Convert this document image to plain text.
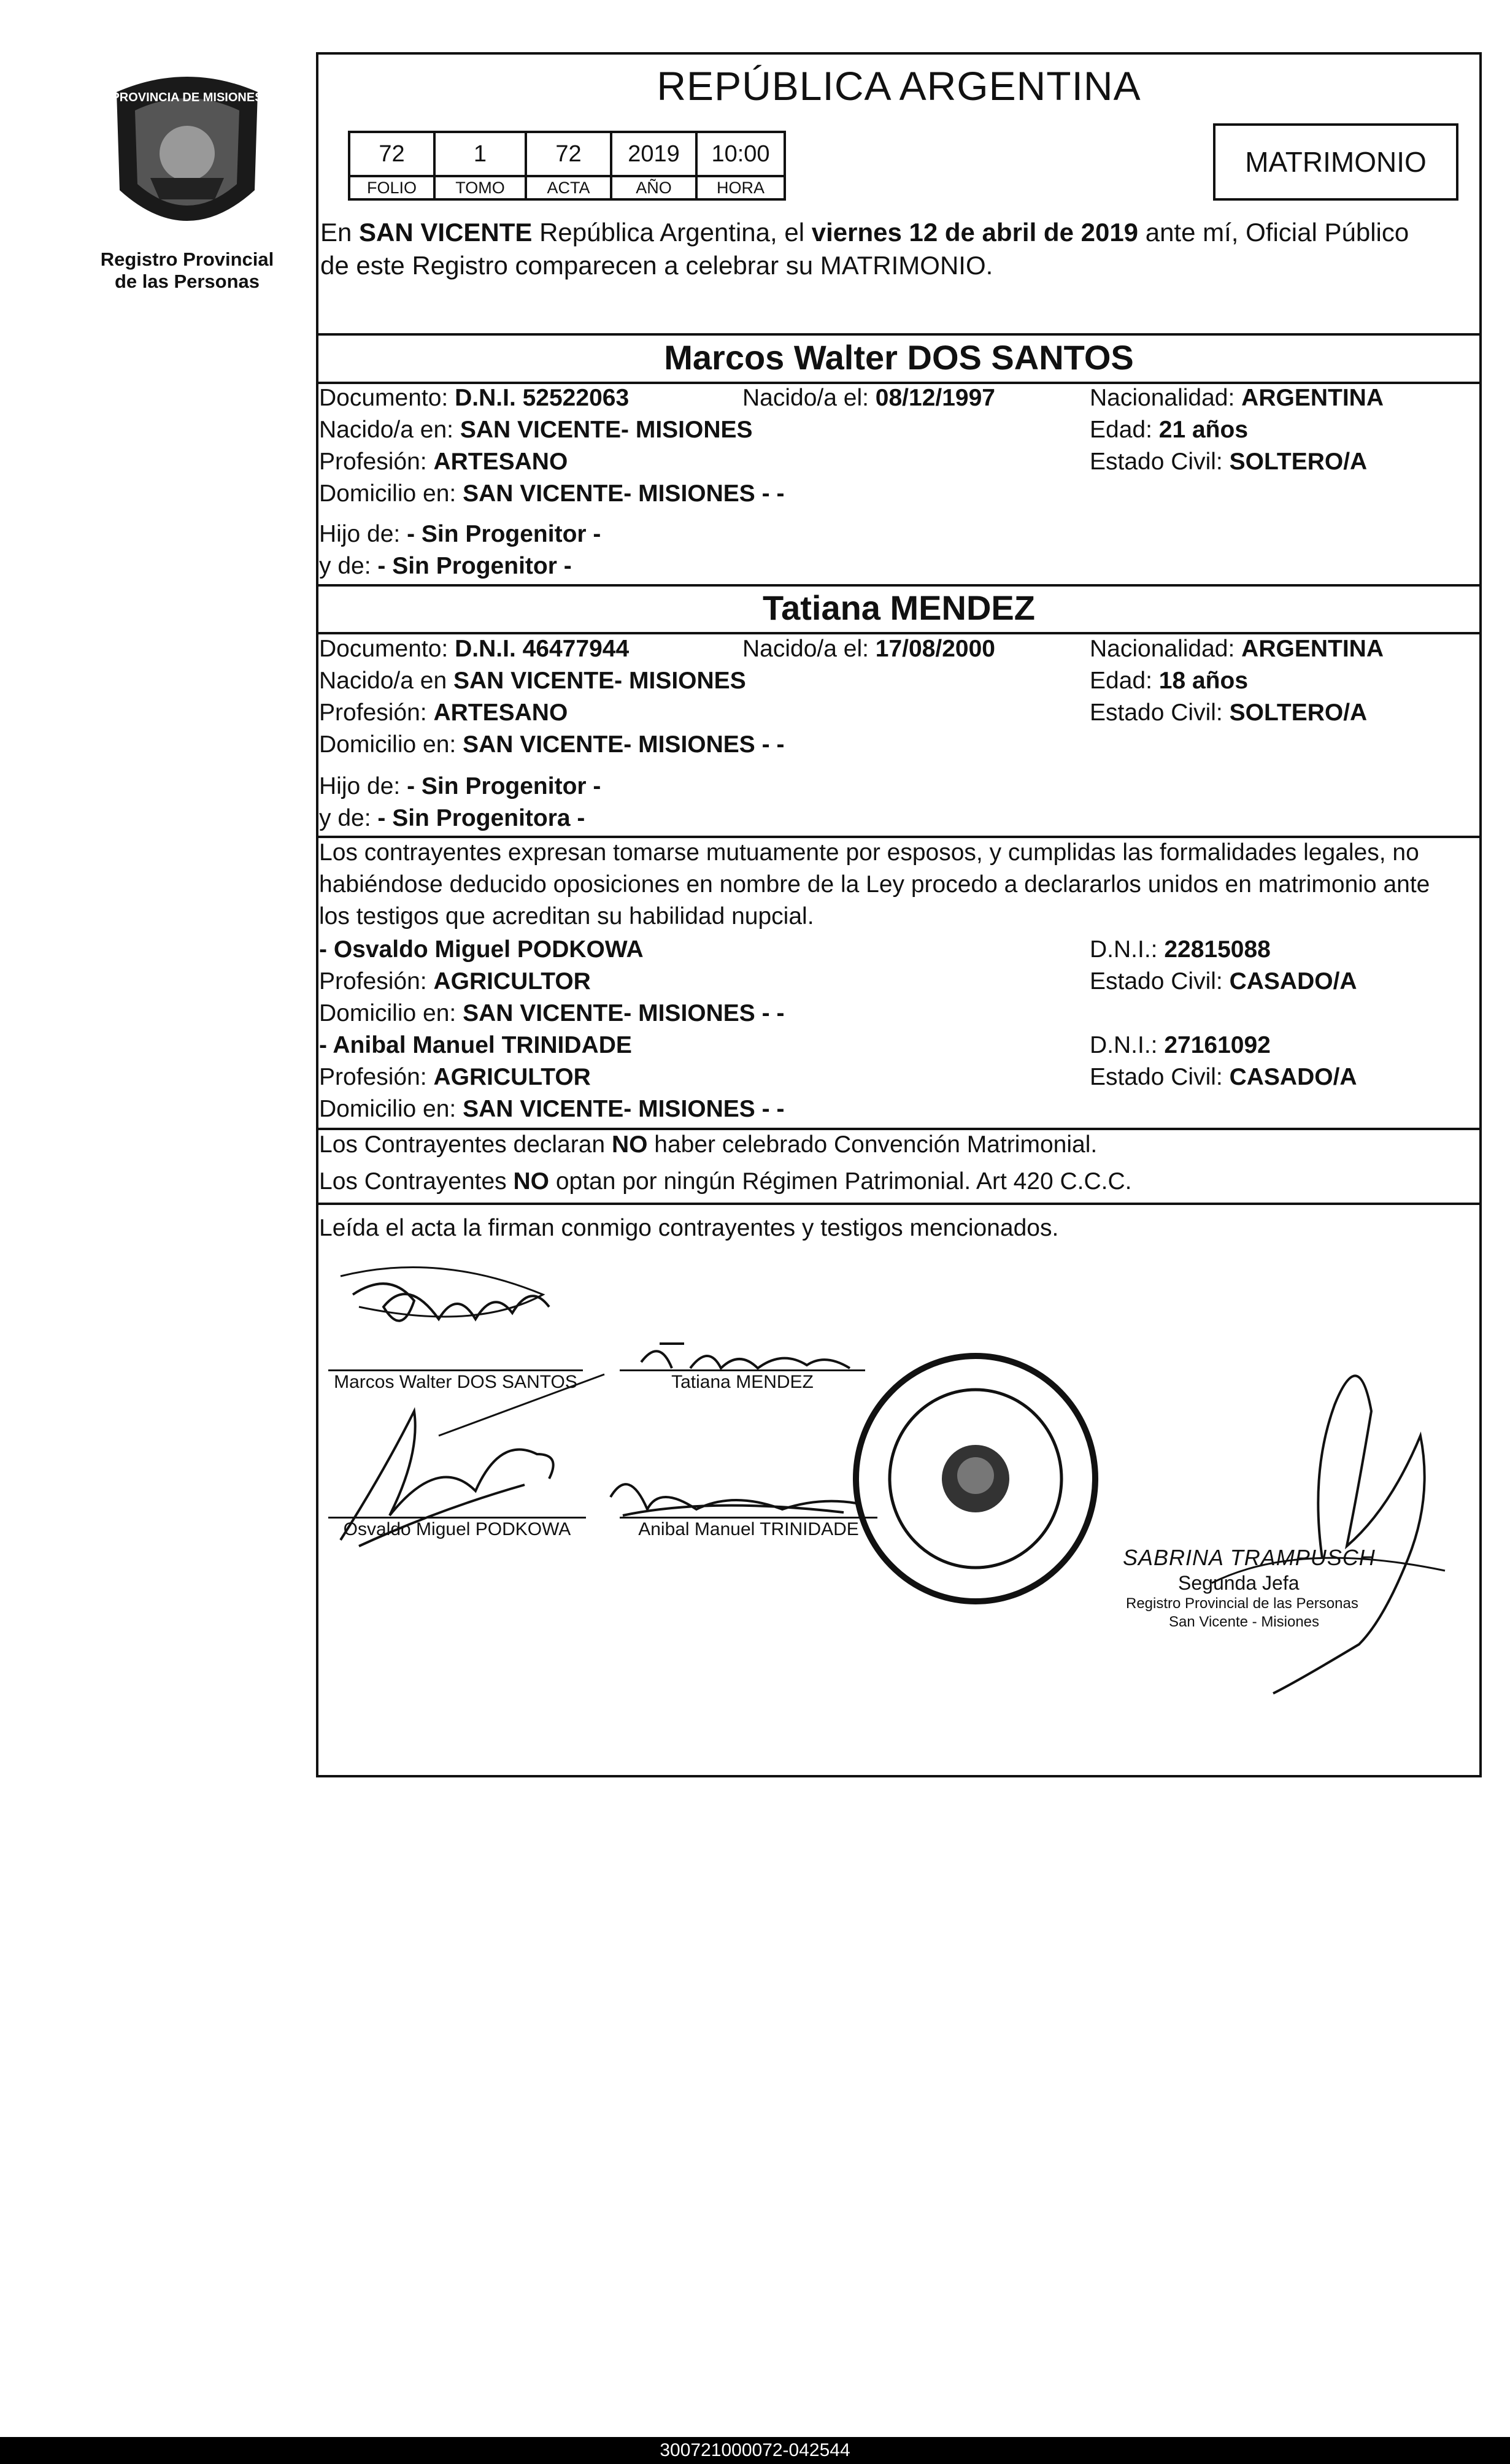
PROVINCIA DE MISIONES
Registro Provincial
de las Personas
REPÚBLICA ARGENTINA
72	1	72	2019	10:00
FOLIO	TOMO	ACTA	AÑO	HORA
MATRIMONIO
En SAN VICENTE República Argentina, el viernes 12 de abril de 2019 ante mí, Oficial Público
de este Registro comparecen a celebrar su MATRIMONIO.
Marcos Walter DOS SANTOS
Documento: D.N.I. 52522063	Nacido/a el: 08/12/1997	Nacionalidad: ARGENTINA
Nacido/a en: SAN VICENTE- MISIONES	Edad: 21 años
Profesión: ARTESANO	Estado Civil: SOLTERO/A
Domicilio en: SAN VICENTE- MISIONES - -
Hijo de: - Sin Progenitor -
y de: - Sin Progenitor -
Tatiana MENDEZ
Documento: D.N.I. 46477944	Nacido/a el: 17/08/2000	Nacionalidad: ARGENTINA
Nacido/a en SAN VICENTE- MISIONES	Edad: 18 años
Profesión: ARTESANO	Estado Civil: SOLTERO/A
Domicilio en: SAN VICENTE- MISIONES - -
Hijo de: - Sin Progenitor -
y de: - Sin Progenitora -
Los contrayentes expresan tomarse mutuamente por esposos, y cumplidas las formalidades legales, no
habiéndose deducido oposiciones en nombre de la Ley procedo a declararlos unidos en matrimonio ante
los testigos que acreditan su habilidad nupcial.
- Osvaldo Miguel PODKOWA	D.N.I.: 22815088
Profesión: AGRICULTOR	Estado Civil: CASADO/A
Domicilio en: SAN VICENTE- MISIONES - -
- Anibal Manuel TRINIDADE	D.N.I.: 27161092
Profesión: AGRICULTOR	Estado Civil: CASADO/A
Domicilio en: SAN VICENTE- MISIONES - -
Los Contrayentes declaran NO haber celebrado Convención Matrimonial.
Los Contrayentes NO optan por ningún Régimen Patrimonial. Art 420 C.C.C.
Leída el acta la firman conmigo contrayentes y testigos mencionados.
Marcos Walter DOS SANTOS	Tatiana MENDEZ
Osvaldo Miguel PODKOWA	Anibal Manuel TRINIDADE
SABRINA TRAMPUSCH
Segunda Jefa
Registro Provincial de las Personas
San Vicente - Misiones
300721000072-042544
